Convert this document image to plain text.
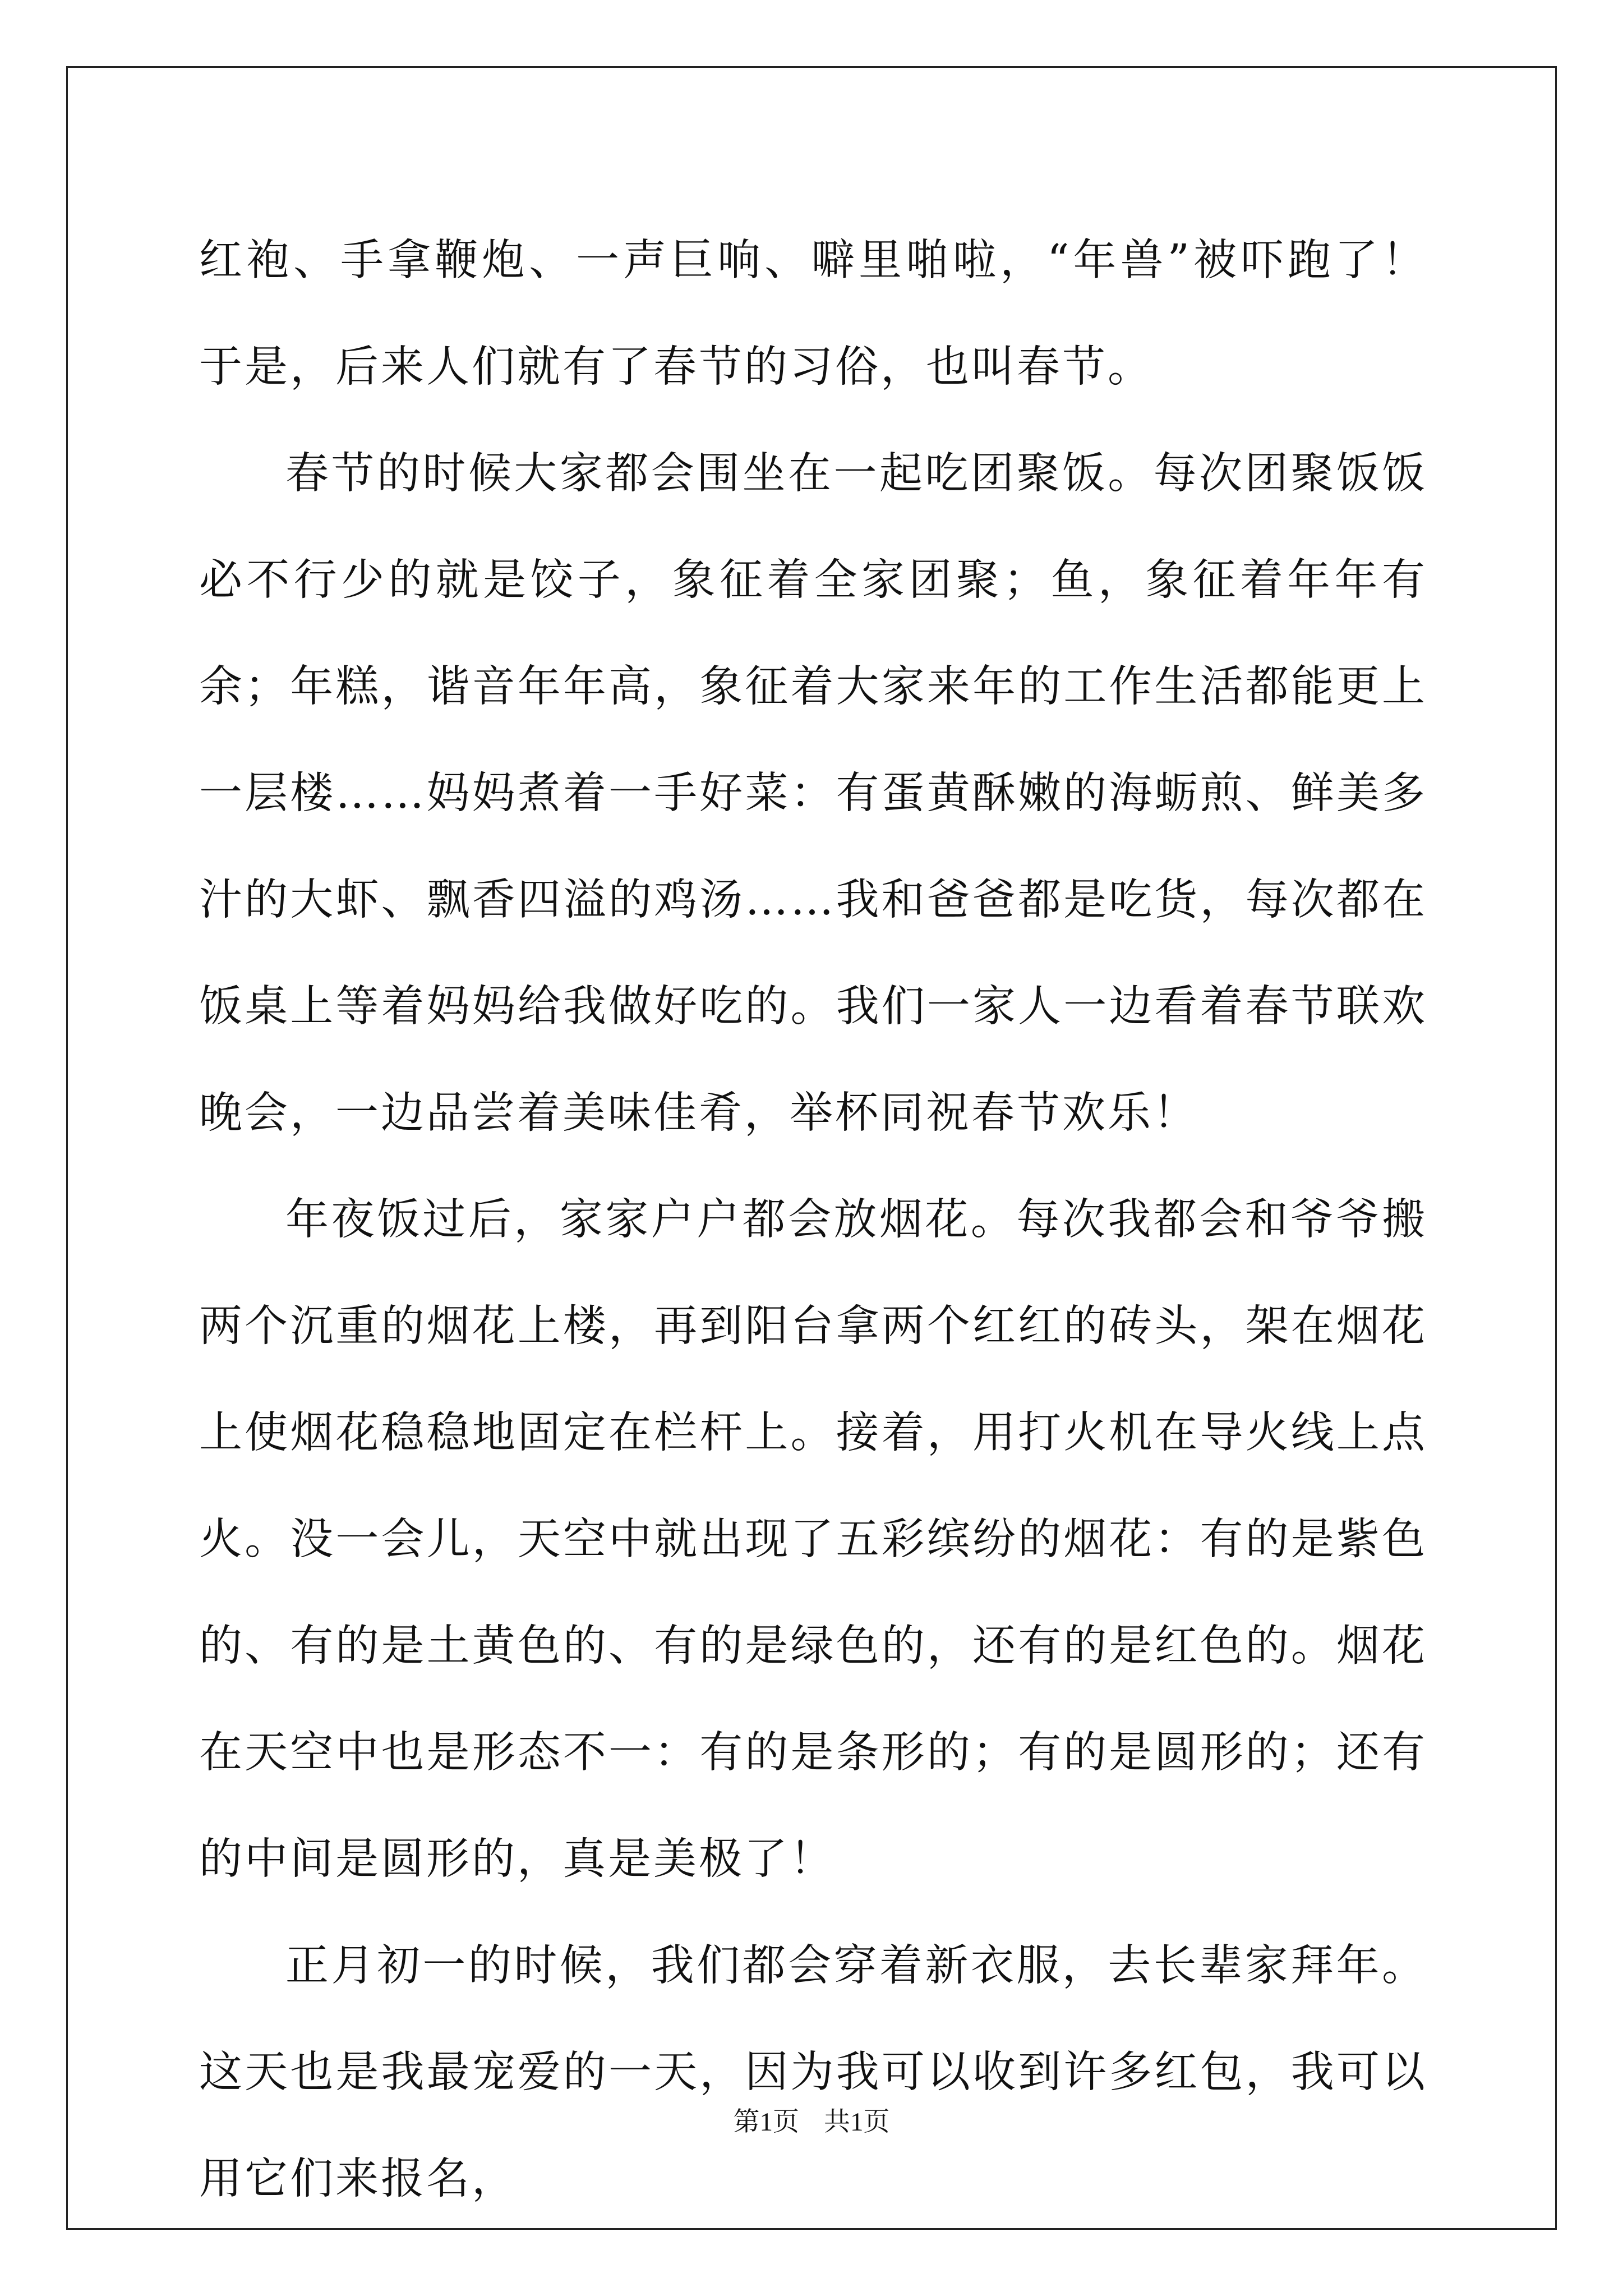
红袍、手拿鞭炮、一声巨响、噼里啪啦，“年兽”被吓跑了！于是，后来人们就有了春节的习俗，也叫春节。

春节的时候大家都会围坐在一起吃团聚饭。每次团聚饭饭必不行少的就是饺子，象征着全家团聚；鱼，象征着年年有余；年糕，谐音年年高，象征着大家来年的工作生活都能更上一层楼……妈妈煮着一手好菜：有蛋黄酥嫩的海蛎煎、鲜美多汁的大虾、飘香四溢的鸡汤……我和爸爸都是吃货，每次都在饭桌上等着妈妈给我做好吃的。我们一家人一边看着春节联欢晚会，一边品尝着美味佳肴，举杯同祝春节欢乐！

年夜饭过后，家家户户都会放烟花。每次我都会和爷爷搬两个沉重的烟花上楼，再到阳台拿两个红红的砖头，架在烟花上使烟花稳稳地固定在栏杆上。接着，用打火机在导火线上点火。没一会儿，天空中就出现了五彩缤纷的烟花：有的是紫色的、有的是土黄色的、有的是绿色的，还有的是红色的。烟花在天空中也是形态不一：有的是条形的；有的是圆形的；还有的中间是圆形的，真是美极了！

正月初一的时候，我们都会穿着新衣服，去长辈家拜年。这天也是我最宠爱的一天，因为我可以收到许多红包，我可以用它们来报名，

第1页 共1页
